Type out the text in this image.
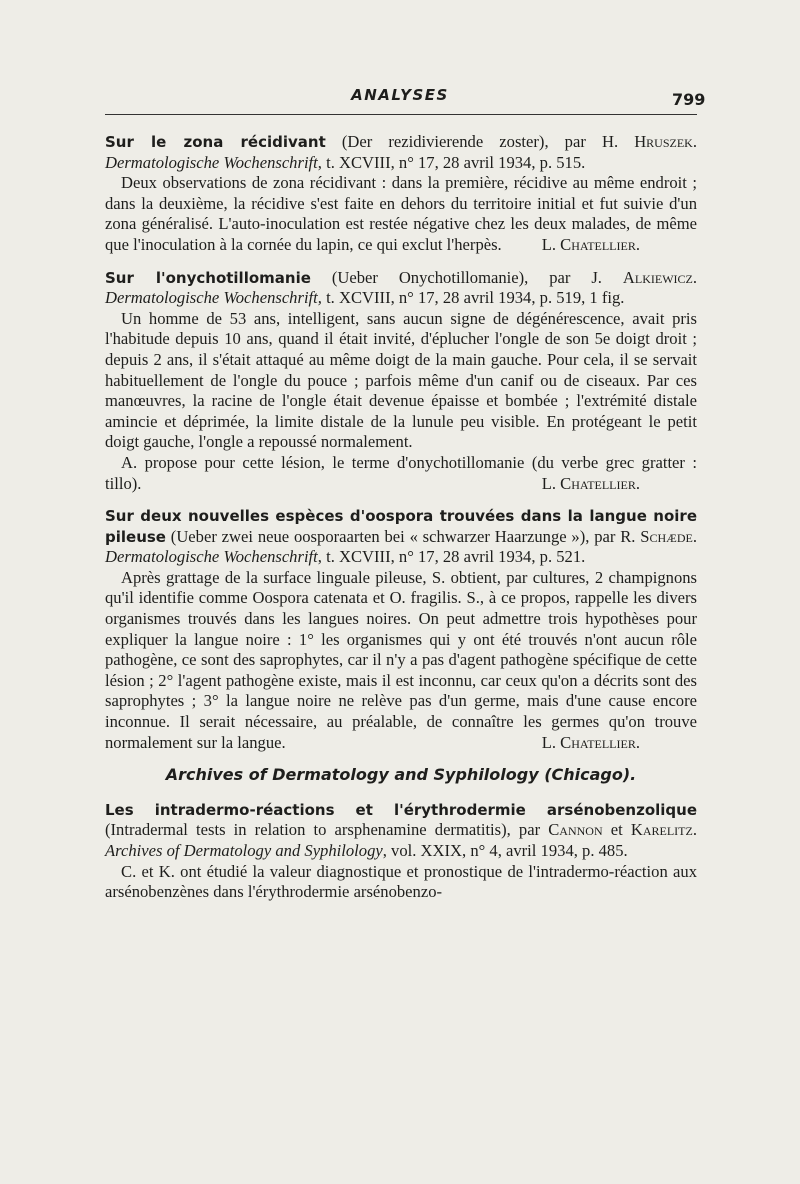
ANALYSES	799

Sur le zona récidivant (Der rezidivierende zoster), par H. Hruszek. Dermatologische Wochenschrift, t. XCVIII, n° 17, 28 avril 1934, p. 515.

Deux observations de zona récidivant : dans la première, récidive au même endroit ; dans la deuxième, la récidive s'est faite en dehors du territoire initial et fut suivie d'un zona généralisé. L'auto-inoculation est restée négative chez les deux malades, de même que l'inoculation à la cornée du lapin, ce qui exclut l'herpès.	L. Chatellier.

Sur l'onychotillomanie (Ueber Onychotillomanie), par J. Alkiewicz. Dermatologische Wochenschrift, t. XCVIII, n° 17, 28 avril 1934, p. 519, 1 fig.

Un homme de 53 ans, intelligent, sans aucun signe de dégénérescence, avait pris l'habitude depuis 10 ans, quand il était invité, d'éplucher l'ongle de son 5e doigt droit ; depuis 2 ans, il s'était attaqué au même doigt de la main gauche. Pour cela, il se servait habituellement de l'ongle du pouce ; parfois même d'un canif ou de ciseaux. Par ces manœuvres, la racine de l'ongle était devenue épaisse et bombée ; l'extrémité distale amincie et déprimée, la limite distale de la lunule peu visible. En protégeant le petit doigt gauche, l'ongle a repoussé normalement.

A. propose pour cette lésion, le terme d'onychotillomanie (du verbe grec gratter : tillo).	L. Chatellier.

Sur deux nouvelles espèces d'oospora trouvées dans la langue noire pileuse (Ueber zwei neue oosporaarten bei « schwarzer Haarzunge »), par R. Schæde. Dermatologische Wochenschrift, t. XCVIII, n° 17, 28 avril 1934, p. 521.

Après grattage de la surface linguale pileuse, S. obtient, par cultures, 2 champignons qu'il identifie comme Oospora catenata et O. fragilis. S., à ce propos, rappelle les divers organismes trouvés dans les langues noires. On peut admettre trois hypothèses pour expliquer la langue noire : 1° les organismes qui y ont été trouvés n'ont aucun rôle pathogène, ce sont des saprophytes, car il n'y a pas d'agent pathogène spécifique de cette lésion ; 2° l'agent pathogène existe, mais il est inconnu, car ceux qu'on a décrits sont des saprophytes ; 3° la langue noire ne relève pas d'un germe, mais d'une cause encore inconnue. Il serait nécessaire, au préalable, de connaître les germes qu'on trouve normalement sur la langue.	L. Chatellier.

Archives of Dermatology and Syphilology (Chicago).

Les intradermo-réactions et l'érythrodermie arsénobenzolique (Intradermal tests in relation to arsphenamine dermatitis), par Cannon et Karelitz. Archives of Dermatology and Syphilology, vol. XXIX, n° 4, avril 1934, p. 485.

C. et K. ont étudié la valeur diagnostique et pronostique de l'intradermo-réaction aux arsénobenzènes dans l'érythrodermie arsénobenzo-
